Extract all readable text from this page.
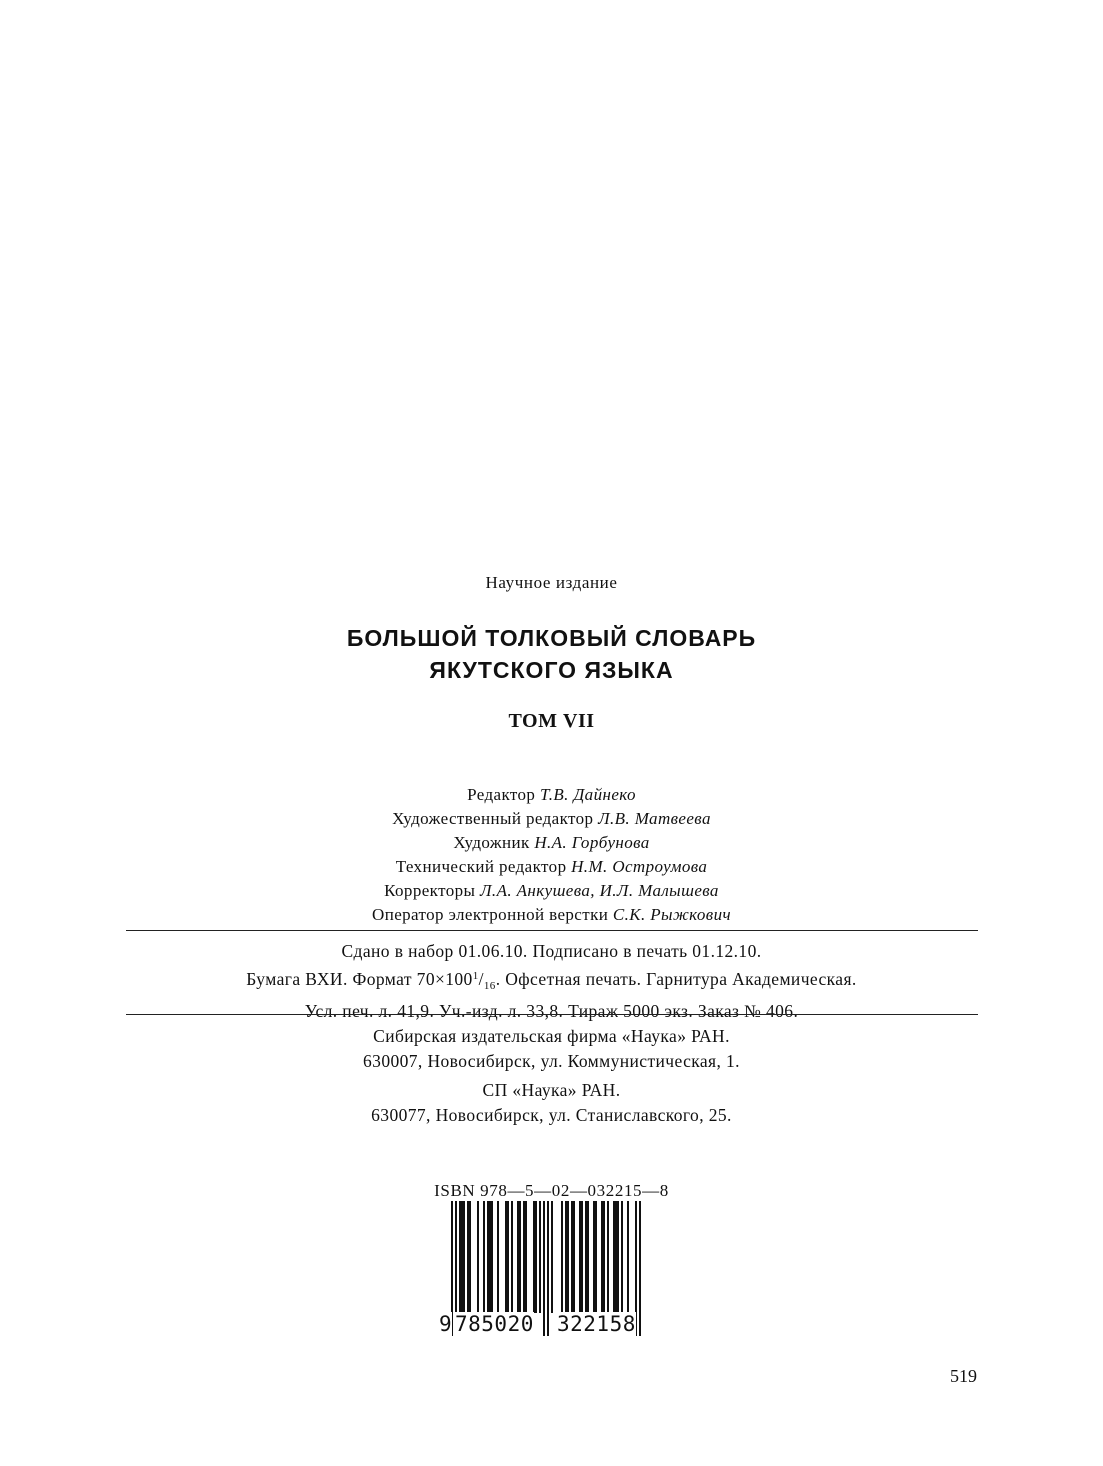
Научное издание
БОЛЬШОЙ ТОЛКОВЫЙ СЛОВАРЬ
ЯКУТСКОГО ЯЗЫКА
ТОМ VII
Редактор Т.В. Дайнеко
Художественный редактор Л.В. Матвеева
Художник Н.А. Горбунова
Технический редактор Н.М. Остроумова
Корректоры Л.А. Анкушева, И.Л. Малышева
Оператор электронной верстки С.К. Рыжкович
Сдано в набор 01.06.10. Подписано в печать 01.12.10.
Бумага ВХИ. Формат $70\times 100^1/_{16}$. Офсетная печать. Гарнитура Академическая.
Усл. печ. л. 41,9. Уч.-изд. л. 33,8. Тираж 5000 экз. Заказ № 406.
Сибирская издательская фирма «Наука» РАН.
630007, Новосибирск, ул. Коммунистическая, 1.
СП «Наука» РАН.
630077, Новосибирск, ул. Станиславского, 25.
ISBN 978—5—02—032215—8
9 785020 322158
519
